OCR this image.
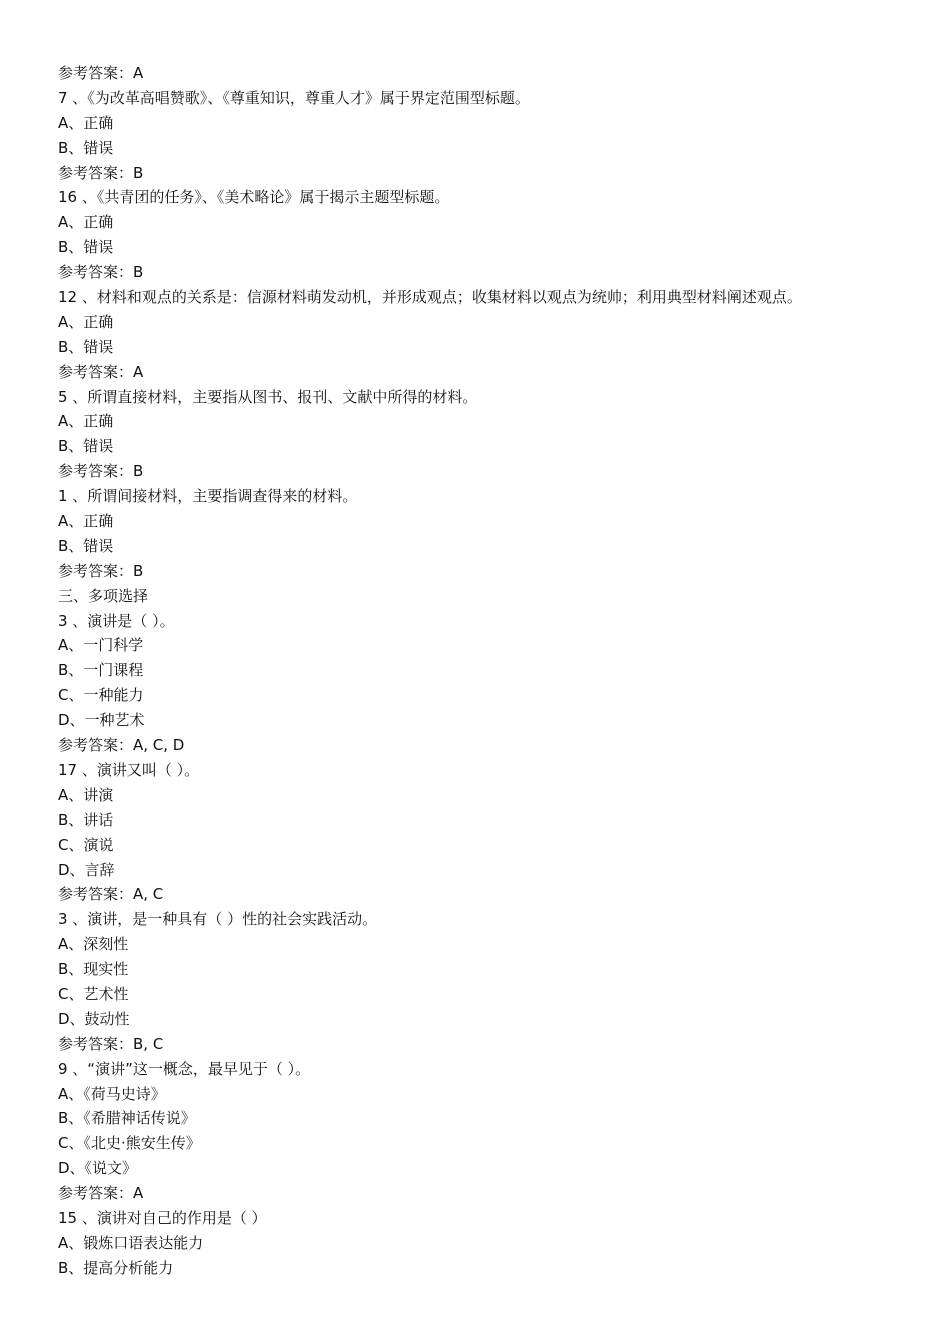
参考答案：A
7 、《为改革高唱赞歌》、《尊重知识，尊重人才》属于界定范围型标题。
A、正确
B、错误
参考答案：B
16 、《共青团的任务》、《美术略论》属于揭示主题型标题。
A、正确
B、错误
参考答案：B
12 、材料和观点的关系是：信源材料萌发动机，并形成观点；收集材料以观点为统帅；利用典型材料阐述观点。
A、正确
B、错误
参考答案：A
5 、所谓直接材料，主要指从图书、报刊、文献中所得的材料。
A、正确
B、错误
参考答案：B
1 、所谓间接材料，主要指调查得来的材料。
A、正确
B、错误
参考答案：B
三、多项选择
3 、演讲是（ ）。
A、一门科学
B、一门课程
C、一种能力
D、一种艺术
参考答案：A, C, D
17 、演讲又叫（ ）。
A、讲演
B、讲话
C、演说
D、言辞
参考答案：A, C
3 、演讲，是一种具有（ ）性的社会实践活动。
A、深刻性
B、现实性
C、艺术性
D、鼓动性
参考答案：B, C
9 、“演讲”这一概念，最早见于（ ）。
A、《荷马史诗》
B、《希腊神话传说》
C、《北史·熊安生传》
D、《说文》
参考答案：A
15 、演讲对自己的作用是（ ）
A、锻炼口语表达能力
B、提高分析能力
